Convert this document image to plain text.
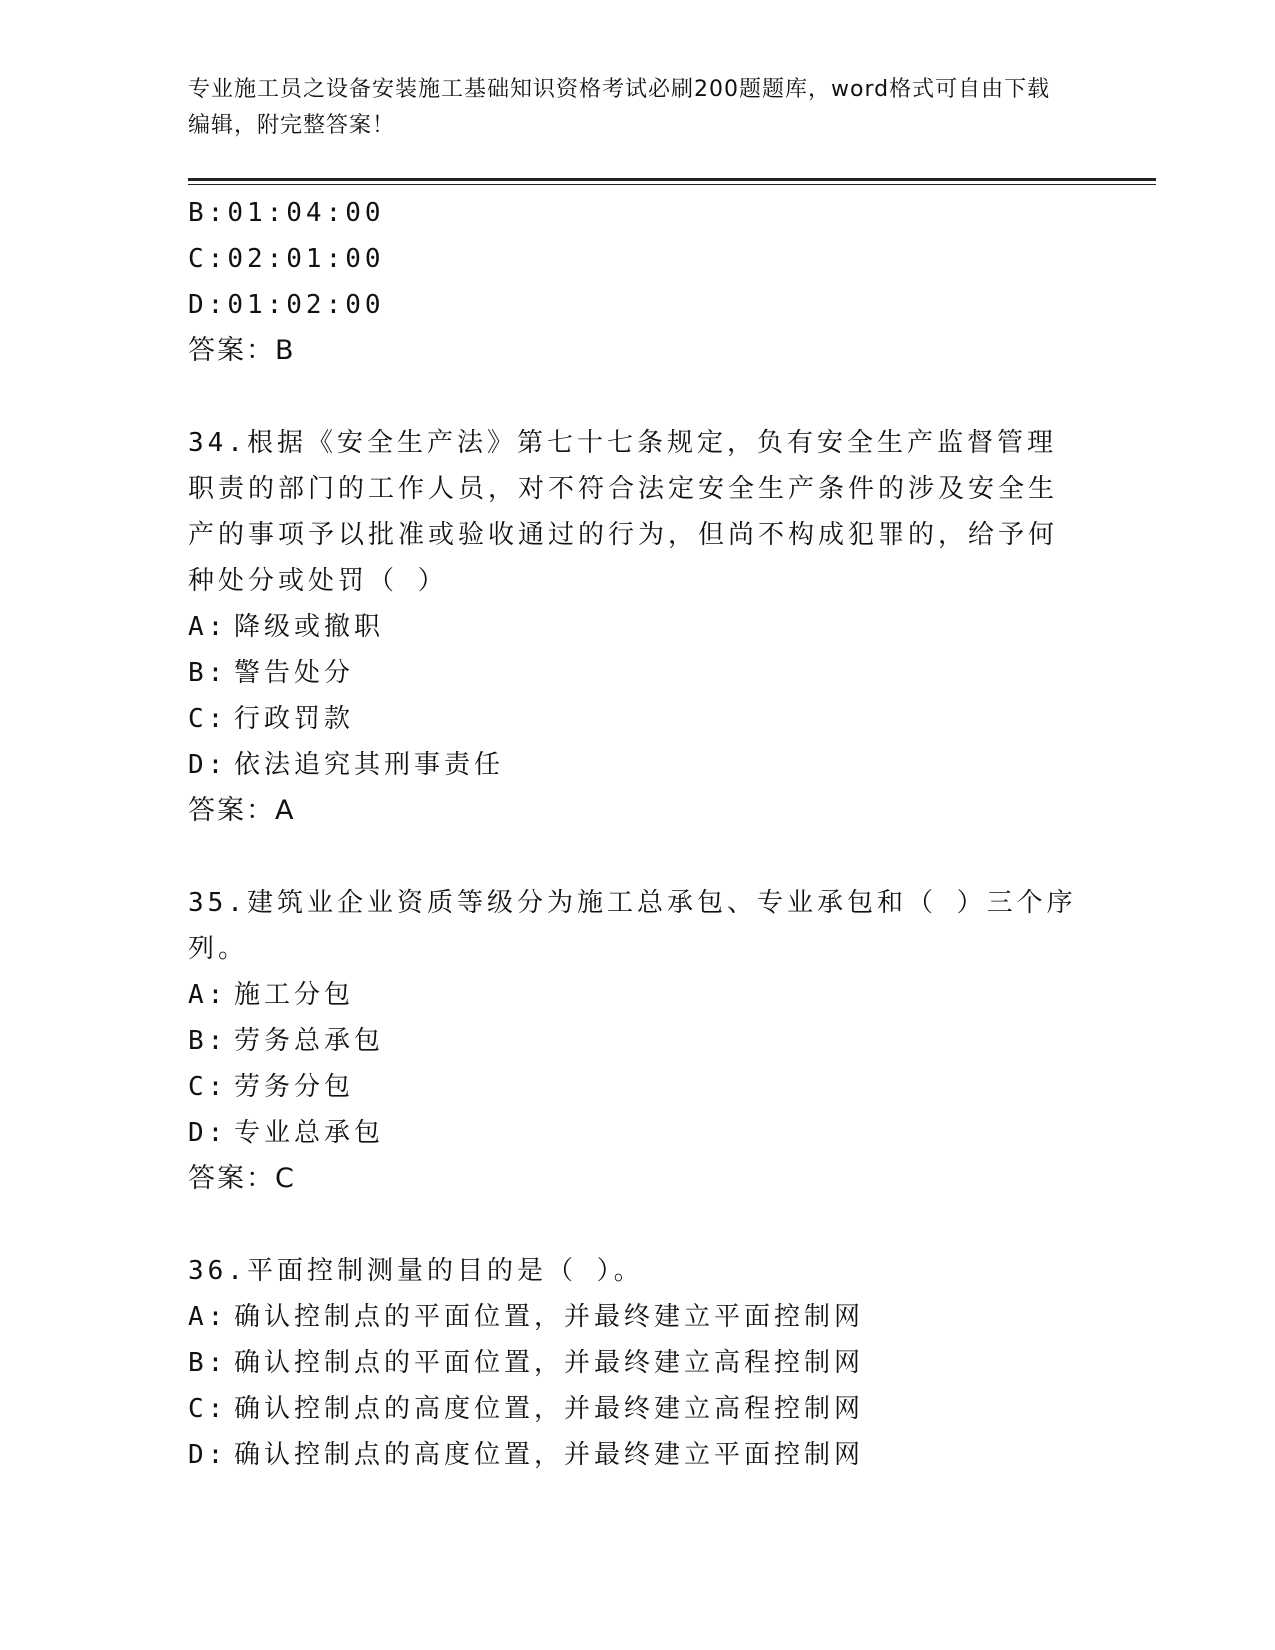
专业施工员之设备安装施工基础知识资格考试必刷200题题库，word格式可自由下载编辑，附完整答案！
B:01:04:00
C:02:01:00
D:01:02:00
答案：B
34.根据《安全生产法》第七十七条规定，负有安全生产监督管理职责的部门的工作人员，对不符合法定安全生产条件的涉及安全生产的事项予以批准或验收通过的行为，但尚不构成犯罪的，给予何种处分或处罚（ ）
A: 降级或撤职
B: 警告处分
C: 行政罚款
D: 依法追究其刑事责任
答案：A
35.建筑业企业资质等级分为施工总承包、专业承包和（ ）三个序列。
A: 施工分包
B: 劳务总承包
C: 劳务分包
D: 专业总承包
答案：C
36.平面控制测量的目的是（ ）。
A: 确认控制点的平面位置，并最终建立平面控制网
B: 确认控制点的平面位置，并最终建立高程控制网
C: 确认控制点的高度位置，并最终建立高程控制网
D: 确认控制点的高度位置，并最终建立平面控制网
